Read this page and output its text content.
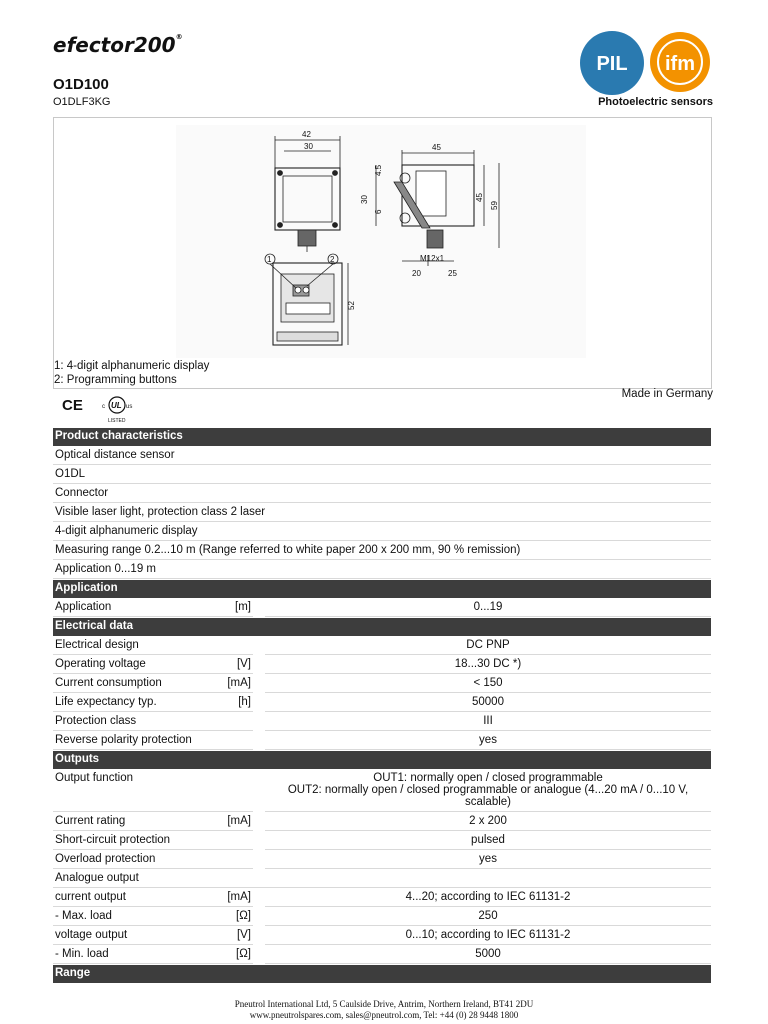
efector200®
PIL ifm
O1D100
O1DLF3KG	Photoelectric sensors
42
30	45
4.5
30
6
45
59
M12x1
20	25
52
1	2
1: 4-digit alphanumeric display
2: Programming buttons
Made in Germany
CE	c UL us
LISTED
Product characteristics			
Optical distance sensor			
O1DL			
Connector			
Visible laser light, protection class 2 laser			
4-digit alphanumeric display			
Measuring range 0.2...10 m (Range referred to white paper 200 x 200 mm, 90 % remission)			
Application 0...19 m			
Application			
Application	[m]		0...19
Electrical data			
Electrical design			DC PNP
Operating voltage	[V]		18...30 DC *)
Current consumption	[mA]		< 150
Life expectancy typ.	[h]		50000
Protection class			III
Reverse polarity protection			yes
Outputs			
Output function			OUT1: normally open / closed programmable
OUT2: normally open / closed programmable or analogue (4...20 mA / 0...10 V, scalable)

Current rating	[mA]		2 x 200
Short-circuit protection			pulsed
Overload protection			yes
Analogue output			
current output	[mA]		4...20; according to IEC 61131-2
- Max. load	[Ω]		250
voltage output	[V]		0...10; according to IEC 61131-2
- Min. load	[Ω]		5000
Range			
Pneutrol International Ltd, 5 Caulside Drive, Antrim, Northern Ireland, BT41 2DU
www.pneutrolspares.com, sales@pneutrol.com, Tel: +44 (0) 28 9448 1800
